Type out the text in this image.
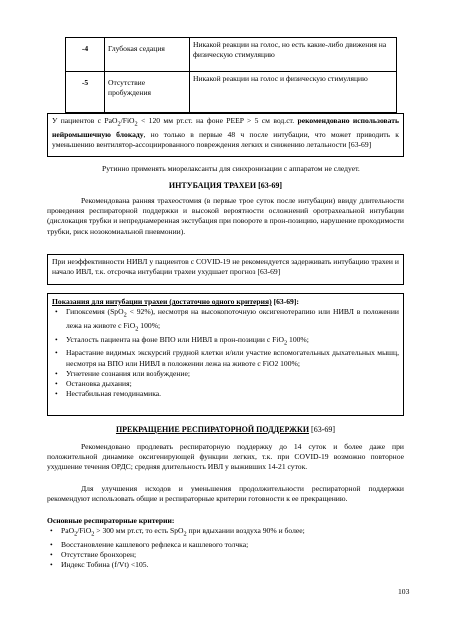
-4	Глубокая седация	Никакой реакции на голос, но есть какие-либо движения на физическую стимуляцию
-5	Отсутствие пробуждения	Никакой реакции на голос и физическую стимуляцию
У пациентов с PaO$_2$/FiO$_2$ < 120 мм рт.ст. на фоне PEEP > 5 см вод.ст. рекомендовано использовать нейромышечную блокаду, но только в первые 48 ч после интубации, что может приводить к уменьшению вентилятор-ассоциированного повреждения легких и снижению летальности [63-69]
Рутинно применять миорелаксанты для синхронизации с аппаратом не следует.
ИНТУБАЦИЯ ТРАХЕИ [63-69]
Рекомендована ранняя трахеостомия (в первые трое суток после интубации) ввиду длительности проведения респираторной поддержки и высокой вероятности осложнений оротрахеальной интубации (дислокация трубки и непреднамеренная экстубация при повороте в прон-позицию, нарушение проходимости трубки, риск нозокомиальной пневмонии).
При неэффективности НИВЛ у пациентов с COVID-19 не рекомендуется задерживать интубацию трахеи и начало ИВЛ, т.к. отсрочка интубации трахеи ухудшает прогноз [63-69]
Показания для интубации трахеи (достаточно одного критерия) [63-69]:
• Гипоксемия (SpO$_2$ < 92%), несмотря на высокопоточную оксигенотерапию или НИВЛ в положении лежа на животе с FiO$_2$ 100%;
• Усталость пациента на фоне ВПО или НИВЛ в прон-позиции с FiO$_2$ 100%;
• Нарастание видимых экскурсий грудной клетки и/или участие вспомогательных дыхательных мышц, несмотря на ВПО или НИВЛ в положении лежа на животе с FiO2 100%;
• Угнетение сознания или возбуждение;
• Остановка дыхания;
• Нестабильная гемодинамика.
ПРЕКРАЩЕНИЕ РЕСПИРАТОРНОЙ ПОДДЕРЖКИ [63-69]
Рекомендовано продлевать респираторную поддержку до 14 суток и более даже при положительной динамике оксигенирующей функции легких, т.к. при COVID-19 возможно повторное ухудшение течения ОРДС; средняя длительность ИВЛ у выживших 14-21 суток.
Для улучшения исходов и уменьшения продолжительности респираторной поддержки рекомендуют использовать общие и респираторные критерии готовности к ее прекращению.
Основные респираторные критерии:
• PaO$_2$/FiO$_2$ > 300 мм рт.ст, то есть SpO$_2$ при вдыхании воздуха 90% и более;
• Восстановление кашлевого рефлекса и кашлевого толчка;
• Отсутствие бронхорен;
• Индекс Тобина (f/Vt) <105.
103
